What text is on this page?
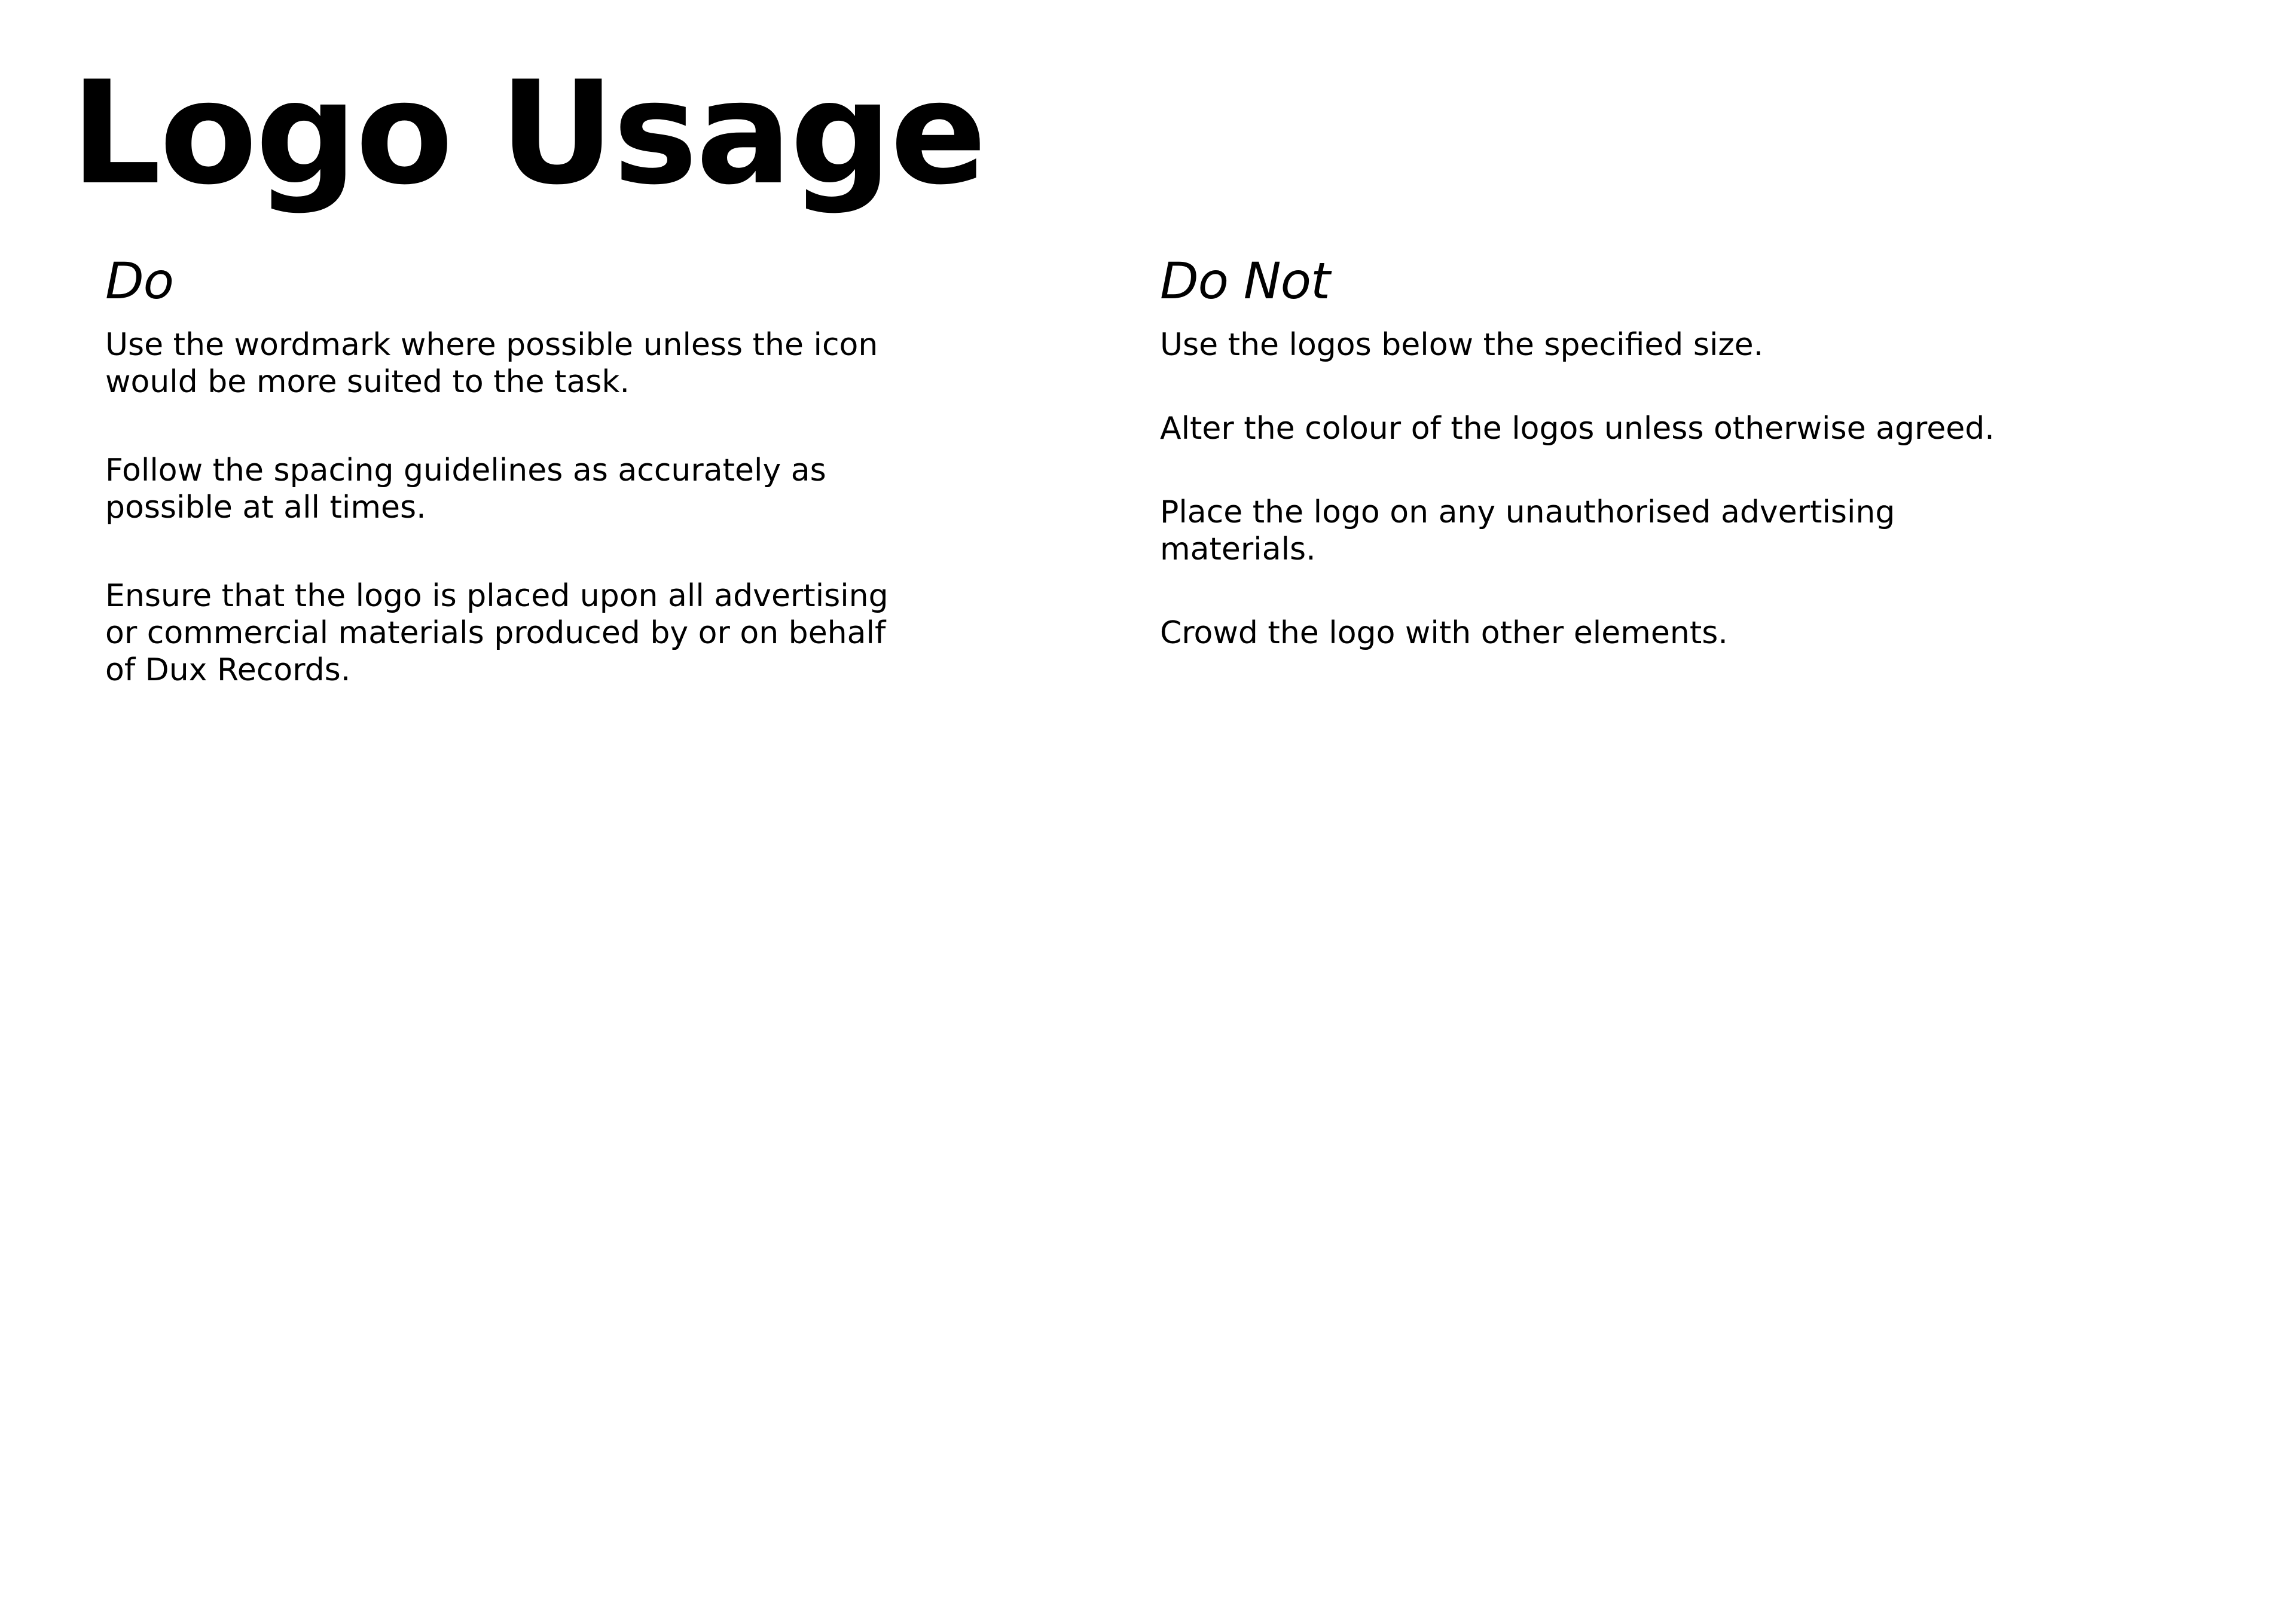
Logo Usage
Do
Use the wordmark where possible unless the icon would be more suited to the task.
Follow the spacing guidelines as accurately as possible at all times.
Ensure that the logo is placed upon all advertising or commercial materials produced by or on behalf of Dux Records.
Do Not
Use the logos below the specified size.
Alter the colour of the logos unless otherwise agreed.
Place the logo on any unauthorised advertising materials.
Crowd the logo with other elements.
